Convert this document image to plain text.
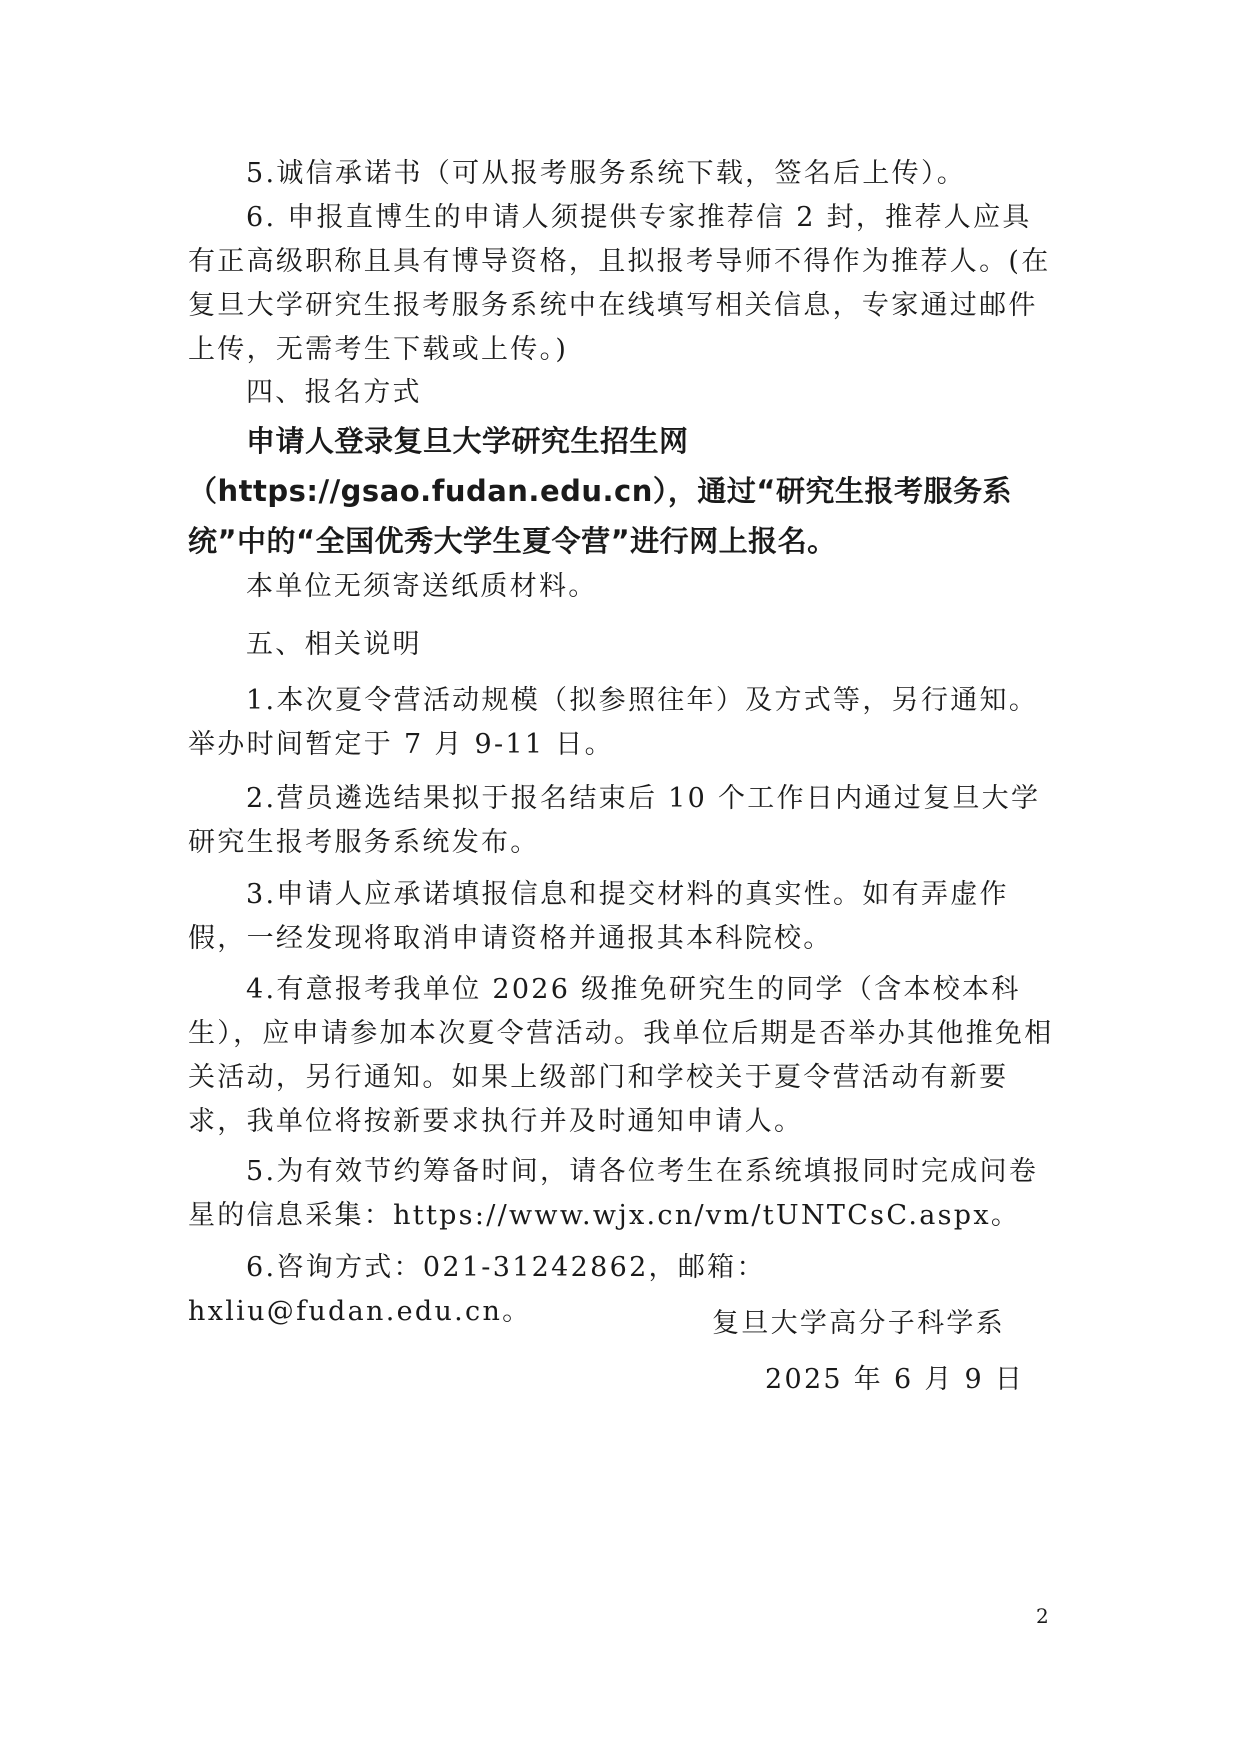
5.诚信承诺书（可从报考服务系统下载，签名后上传）。

6. 申报直博生的申请人须提供专家推荐信 2 封，推荐人应具有正高级职称且具有博导资格，且拟报考导师不得作为推荐人。(在复旦大学研究生报考服务系统中在线填写相关信息，专家通过邮件上传，无需考生下载或上传。)

四、报名方式

申请人登录复旦大学研究生招生网（https://gsao.fudan.edu.cn），通过“研究生报考服务系统”中的“全国优秀大学生夏令营”进行网上报名。

本单位无须寄送纸质材料。

五、相关说明

1.本次夏令营活动规模（拟参照往年）及方式等，另行通知。举办时间暂定于 7 月 9-11 日。

2.营员遴选结果拟于报名结束后 10 个工作日内通过复旦大学研究生报考服务系统发布。

3.申请人应承诺填报信息和提交材料的真实性。如有弄虚作假，一经发现将取消申请资格并通报其本科院校。

4.有意报考我单位 2026 级推免研究生的同学（含本校本科生），应申请参加本次夏令营活动。我单位后期是否举办其他推免相关活动，另行通知。如果上级部门和学校关于夏令营活动有新要求，我单位将按新要求执行并及时通知申请人。

5.为有效节约筹备时间，请各位考生在系统填报同时完成问卷星的信息采集：https://www.wjx.cn/vm/tUNTCsC.aspx。

6.咨询方式：021-31242862，邮箱：hxliu@fudan.edu.cn。	复旦大学高分子科学系

2025 年 6 月 9 日

2
